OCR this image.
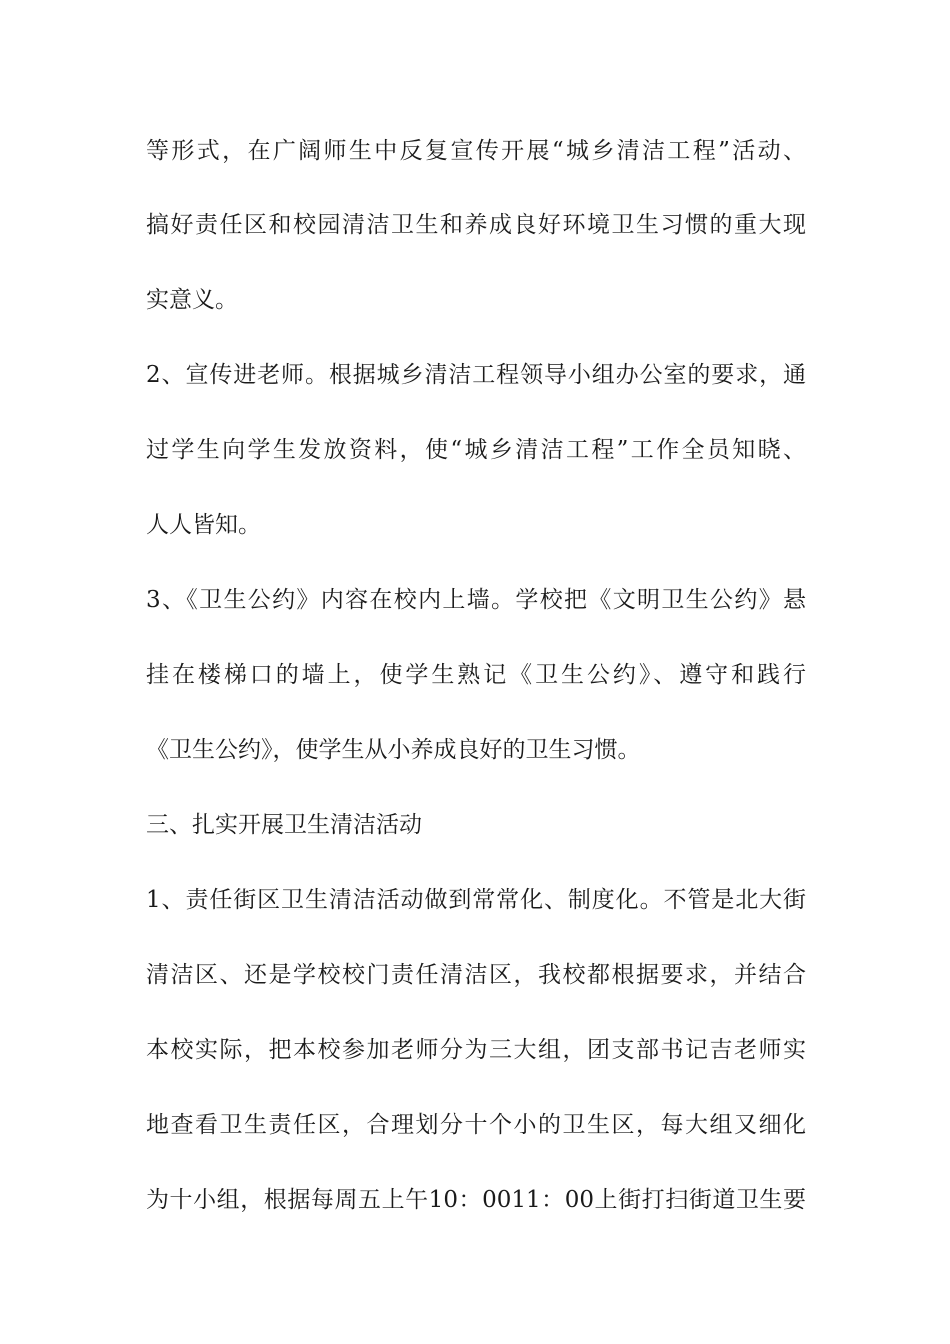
等形式，在广阔师生中反复宣传开展“城乡清洁工程”活动、
搞好责任区和校园清洁卫生和养成良好环境卫生习惯的重大现
实意义。
2、宣传进老师。根据城乡清洁工程领导小组办公室的要求，通
过学生向学生发放资料，使“城乡清洁工程”工作全员知晓、
人人皆知。
3、《卫生公约》内容在校内上墙。学校把《文明卫生公约》悬
挂在楼梯口的墙上，使学生熟记《卫生公约》、遵守和践行
《卫生公约》，使学生从小养成良好的卫生习惯。
三、扎实开展卫生清洁活动
1、责任街区卫生清洁活动做到常常化、制度化。不管是北大街
清洁区、还是学校校门责任清洁区，我校都根据要求，并结合
本校实际，把本校参加老师分为三大组，团支部书记吉老师实
地查看卫生责任区，合理划分十个小的卫生区，每大组又细化
为十小组，根据每周五上午10：0011：00上街打扫街道卫生要
